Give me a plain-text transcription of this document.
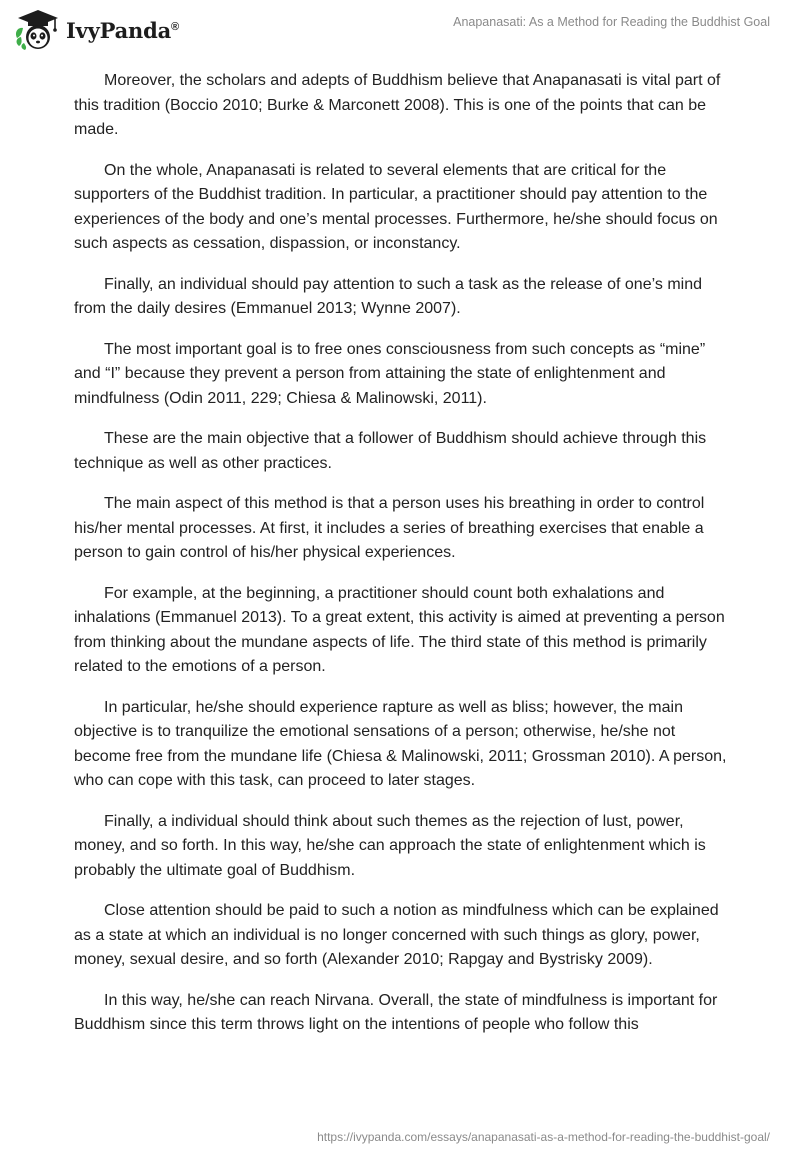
IvyPanda®	Anapanasati: As a Method for Reading the Buddhist Goal

Moreover, the scholars and adepts of Buddhism believe that Anapanasati is vital part of this tradition (Boccio 2010; Burke & Marconett 2008). This is one of the points that can be made.

On the whole, Anapanasati is related to several elements that are critical for the supporters of the Buddhist tradition. In particular, a practitioner should pay attention to the experiences of the body and one’s mental processes. Furthermore, he/she should focus on such aspects as cessation, dispassion, or inconstancy.

Finally, an individual should pay attention to such a task as the release of one’s mind from the daily desires (Emmanuel 2013; Wynne 2007).

The most important goal is to free ones consciousness from such concepts as “mine” and “I” because they prevent a person from attaining the state of enlightenment and mindfulness (Odin 2011, 229; Chiesa & Malinowski, 2011).

These are the main objective that a follower of Buddhism should achieve through this technique as well as other practices.

The main aspect of this method is that a person uses his breathing in order to control his/her mental processes. At first, it includes a series of breathing exercises that enable a person to gain control of his/her physical experiences.

For example, at the beginning, a practitioner should count both exhalations and inhalations (Emmanuel 2013). To a great extent, this activity is aimed at preventing a person from thinking about the mundane aspects of life. The third state of this method is primarily related to the emotions of a person.

In particular, he/she should experience rapture as well as bliss; however, the main objective is to tranquilize the emotional sensations of a person; otherwise, he/she not become free from the mundane life (Chiesa & Malinowski, 2011; Grossman 2010). A person, who can cope with this task, can proceed to later stages.

Finally, a individual should think about such themes as the rejection of lust, power, money, and so forth. In this way, he/she can approach the state of enlightenment which is probably the ultimate goal of Buddhism.

Close attention should be paid to such a notion as mindfulness which can be explained as a state at which an individual is no longer concerned with such things as glory, power, money, sexual desire, and so forth (Alexander 2010; Rapgay and Bystrisky 2009).

In this way, he/she can reach Nirvana. Overall, the state of mindfulness is important for Buddhism since this term throws light on the intentions of people who follow this

https://ivypanda.com/essays/anapanasati-as-a-method-for-reading-the-buddhist-goal/
